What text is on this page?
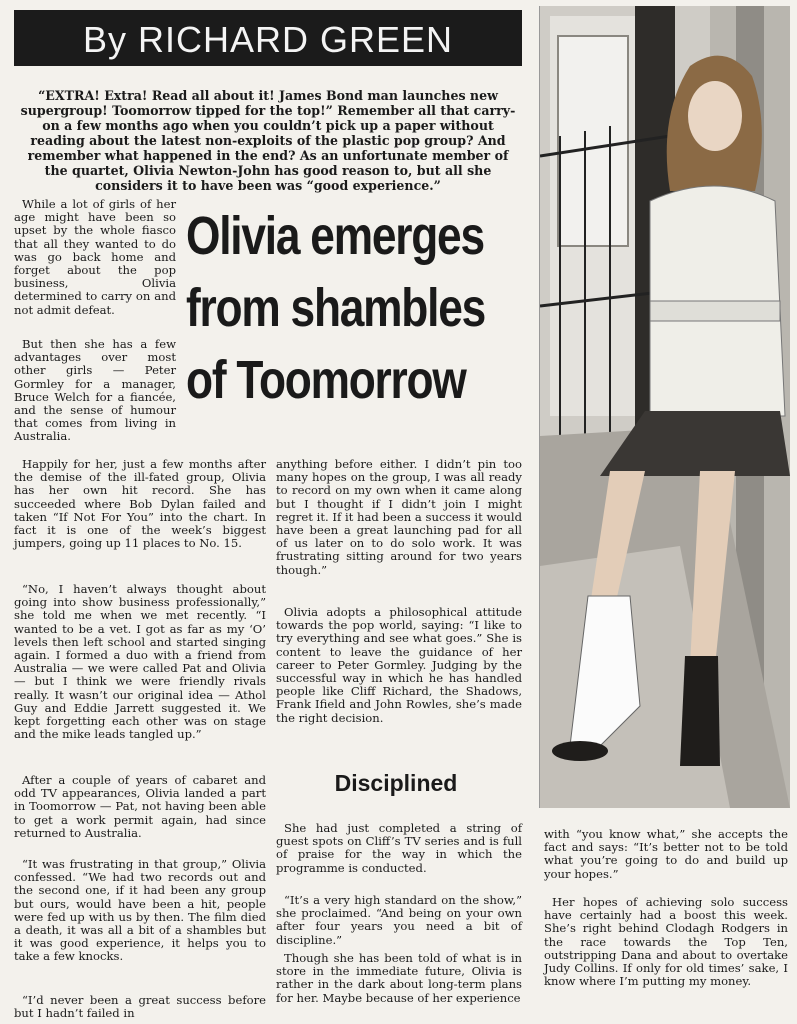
By RICHARD GREEN

“EXTRA! Extra! Read all about it! James Bond man launches new supergroup! Toomorrow tipped for the top!” Remember all that carry-on a few months ago when you couldn’t pick up a paper without reading about the latest non-exploits of the plastic pop group? And remember what happened in the end? As an unfortunate member of the quartet, Olivia Newton-John has good reason to, but all she considers it to have been was “good experience.”

Olivia emerges
from shambles
of Toomorrow

While a lot of girls of her age might have been so upset by the whole fiasco that all they wanted to do was go back home and forget about the pop business, Olivia determined to carry on and not admit defeat.

But then she has a few advantages over most other girls — Peter Gormley for a manager, Bruce Welch for a fiancée, and the sense of humour that comes from living in Australia.

Happily for her, just a few months after the demise of the ill-fated group, Olivia has her own hit record. She has succeeded where Bob Dylan failed and taken “If Not For You” into the chart. In fact it is one of the week’s biggest jumpers, going up 11 places to No. 15.

“No, I haven’t always thought about going into show business professionally,” she told me when we met recently. “I wanted to be a vet. I got as far as my ‘O’ levels then left school and started singing again. I formed a duo with a friend from Australia — we were called Pat and Olivia — but I think we were friendly rivals really. It wasn’t our original idea — Athol Guy and Eddie Jarrett suggested it. We kept forgetting each other was on stage and the mike leads tangled up.”

After a couple of years of cabaret and odd TV appearances, Olivia landed a part in Toomorrow — Pat, not having been able to get a work permit again, had since returned to Australia.

“It was frustrating in that group,” Olivia confessed. “We had two records out and the second one, if it had been any group but ours, would have been a hit, people were fed up with us by then. The film died a death, it was all a bit of a shambles but it was good experience, it helps you to take a few knocks.

“I’d never been a great success before but I hadn’t failed in

anything before either. I didn’t pin too many hopes on the group, I was all ready to record on my own when it came along but I thought if I didn’t join I might regret it. If it had been a success it would have been a great launching pad for all of us later on to do solo work. It was frustrating sitting around for two years though.”

Olivia adopts a philosophical attitude towards the pop world, saying: “I like to try everything and see what goes.” She is content to leave the guidance of her career to Peter Gormley. Judging by the successful way in which he has handled people like Cliff Richard, the Shadows, Frank Ifield and John Rowles, she’s made the right decision.

Disciplined

She had just completed a string of guest spots on Cliff’s TV series and is full of praise for the way in which the programme is conducted.

“It’s a very high standard on the show,” she proclaimed. “And being on your own after four years you need a bit of discipline.”

Though she has been told of what is in store in the immediate future, Olivia is rather in the dark about long-term plans for her. Maybe because of her experience

with “you know what,” she accepts the fact and says: “It’s better not to be told what you’re going to do and build up your hopes.”

Her hopes of achieving solo success have certainly had a boost this week. She’s right behind Clodagh Rodgers in the race towards the Top Ten, outstripping Dana and about to overtake Judy Collins. If only for old times’ sake, I know where I’m putting my money.
